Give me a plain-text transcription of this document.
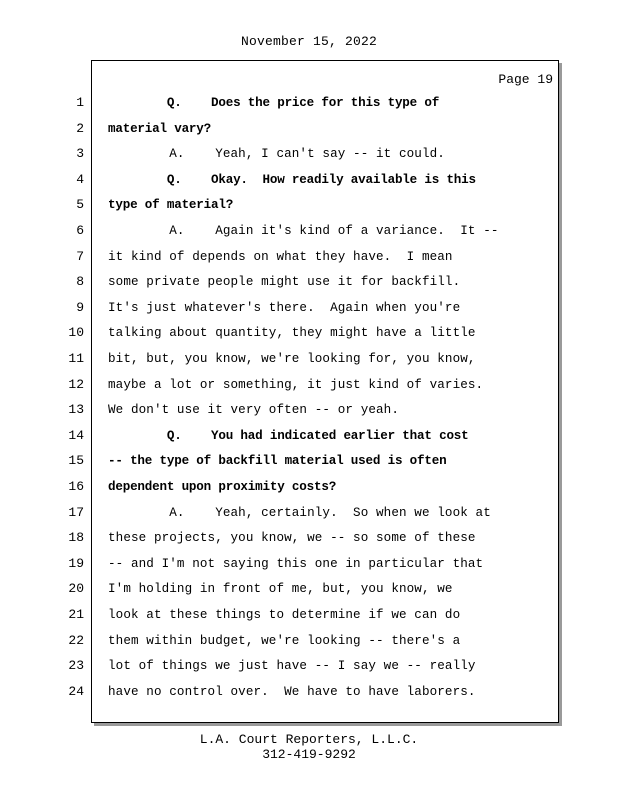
November 15, 2022
Page 19
1 Q.    Does the price for this type of
2 material vary?
3 A.    Yeah, I can't say -- it could.
4 Q.    Okay.  How readily available is this
5 type of material?
6 A.    Again it's kind of a variance.  It --
7 it kind of depends on what they have.  I mean
8 some private people might use it for backfill.
9 It's just whatever's there.  Again when you're
10 talking about quantity, they might have a little
11 bit, but, you know, we're looking for, you know,
12 maybe a lot or something, it just kind of varies.
13 We don't use it very often -- or yeah.
14 Q.    You had indicated earlier that cost
15 -- the type of backfill material used is often
16 dependent upon proximity costs?
17 A.    Yeah, certainly.  So when we look at
18 these projects, you know, we -- so some of these
19 -- and I'm not saying this one in particular that
20 I'm holding in front of me, but, you know, we
21 look at these things to determine if we can do
22 them within budget, we're looking -- there's a
23 lot of things we just have -- I say we -- really
24 have no control over.  We have to have laborers.
L.A. Court Reporters, L.L.C.
312-419-9292
